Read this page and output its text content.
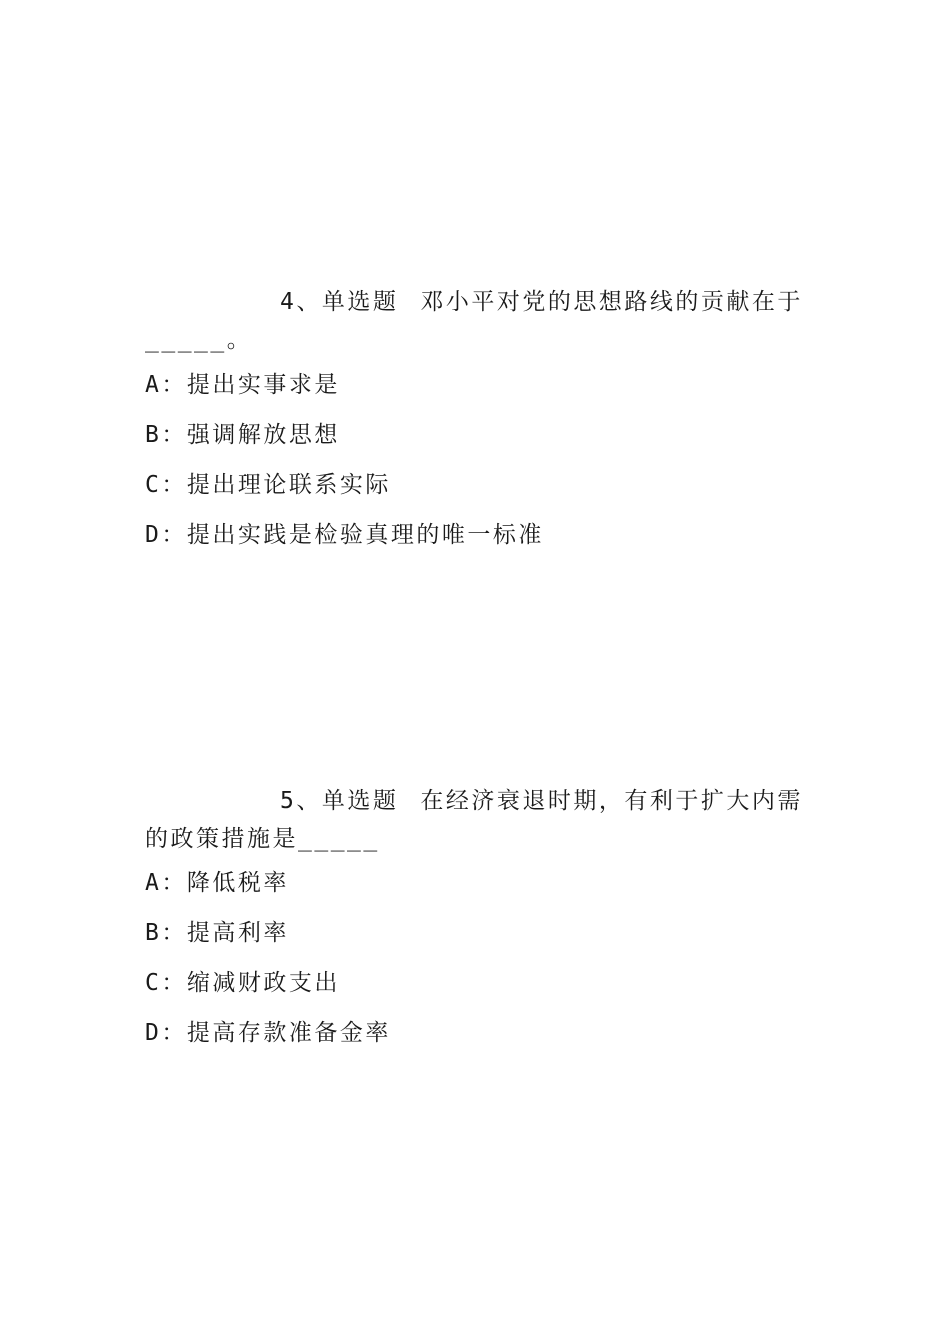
4、单选题 邓小平对党的思想路线的贡献在于_____。

A：提出实事求是
B：强调解放思想
C：提出理论联系实际
D：提出实践是检验真理的唯一标准

5、单选题 在经济衰退时期，有利于扩大内需的政策措施是_____

A：降低税率
B：提高利率
C：缩减财政支出
D：提高存款准备金率
